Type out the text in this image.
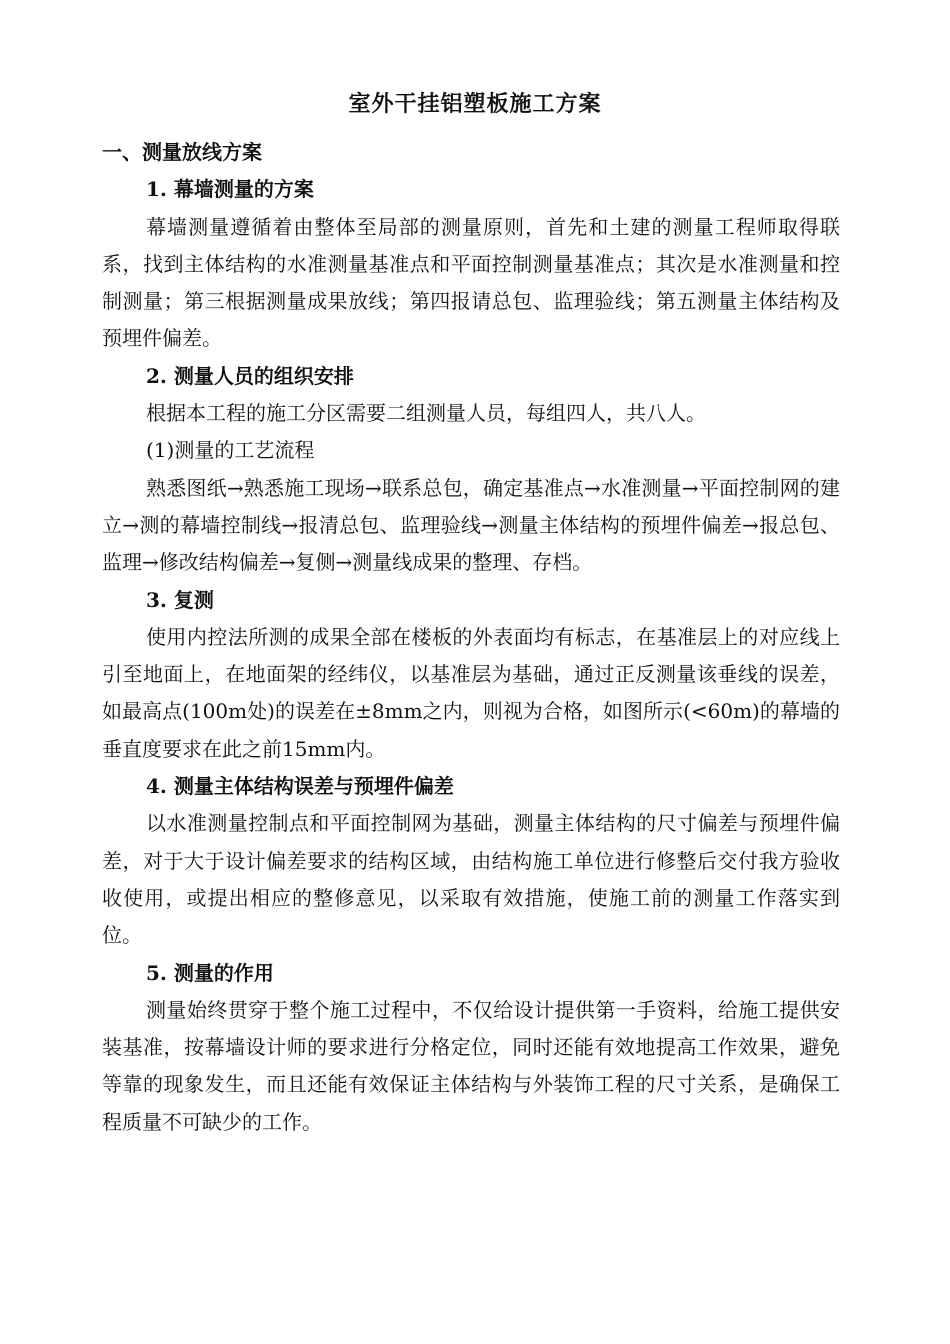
室外干挂铝塑板施工方案
一、测量放线方案
1. 幕墙测量的方案

幕墙测量遵循着由整体至局部的测量原则，首先和土建的测量工程师取得联系，找到主体结构的水准测量基准点和平面控制测量基准点；其次是水准测量和控制测量；第三根据测量成果放线；第四报请总包、监理验线；第五测量主体结构及预埋件偏差。

2. 测量人员的组织安排

根据本工程的施工分区需要二组测量人员，每组四人，共八人。

(1)测量的工艺流程

熟悉图纸→熟悉施工现场→联系总包，确定基准点→水准测量→平面控制网的建立→测的幕墙控制线→报清总包、监理验线→测量主体结构的预埋件偏差→报总包、监理→修改结构偏差→复侧→测量线成果的整理、存档。

3. 复测

使用内控法所测的成果全部在楼板的外表面均有标志，在基准层上的对应线上引至地面上，在地面架的经纬仪，以基准层为基础，通过正反测量该垂线的误差，如最高点(100m处)的误差在±8mm之内，则视为合格，如图所示(<60m)的幕墙的垂直度要求在此之前15mm内。

4. 测量主体结构误差与预埋件偏差

以水准测量控制点和平面控制网为基础，测量主体结构的尺寸偏差与预埋件偏差，对于大于设计偏差要求的结构区域，由结构施工单位进行修整后交付我方验收收使用，或提出相应的整修意见，以采取有效措施，使施工前的测量工作落实到位。

5. 测量的作用

测量始终贯穿于整个施工过程中，不仅给设计提供第一手资料，给施工提供安装基准，按幕墙设计师的要求进行分格定位，同时还能有效地提高工作效果，避免等靠的现象发生，而且还能有效保证主体结构与外装饰工程的尺寸关系，是确保工程质量不可缺少的工作。
